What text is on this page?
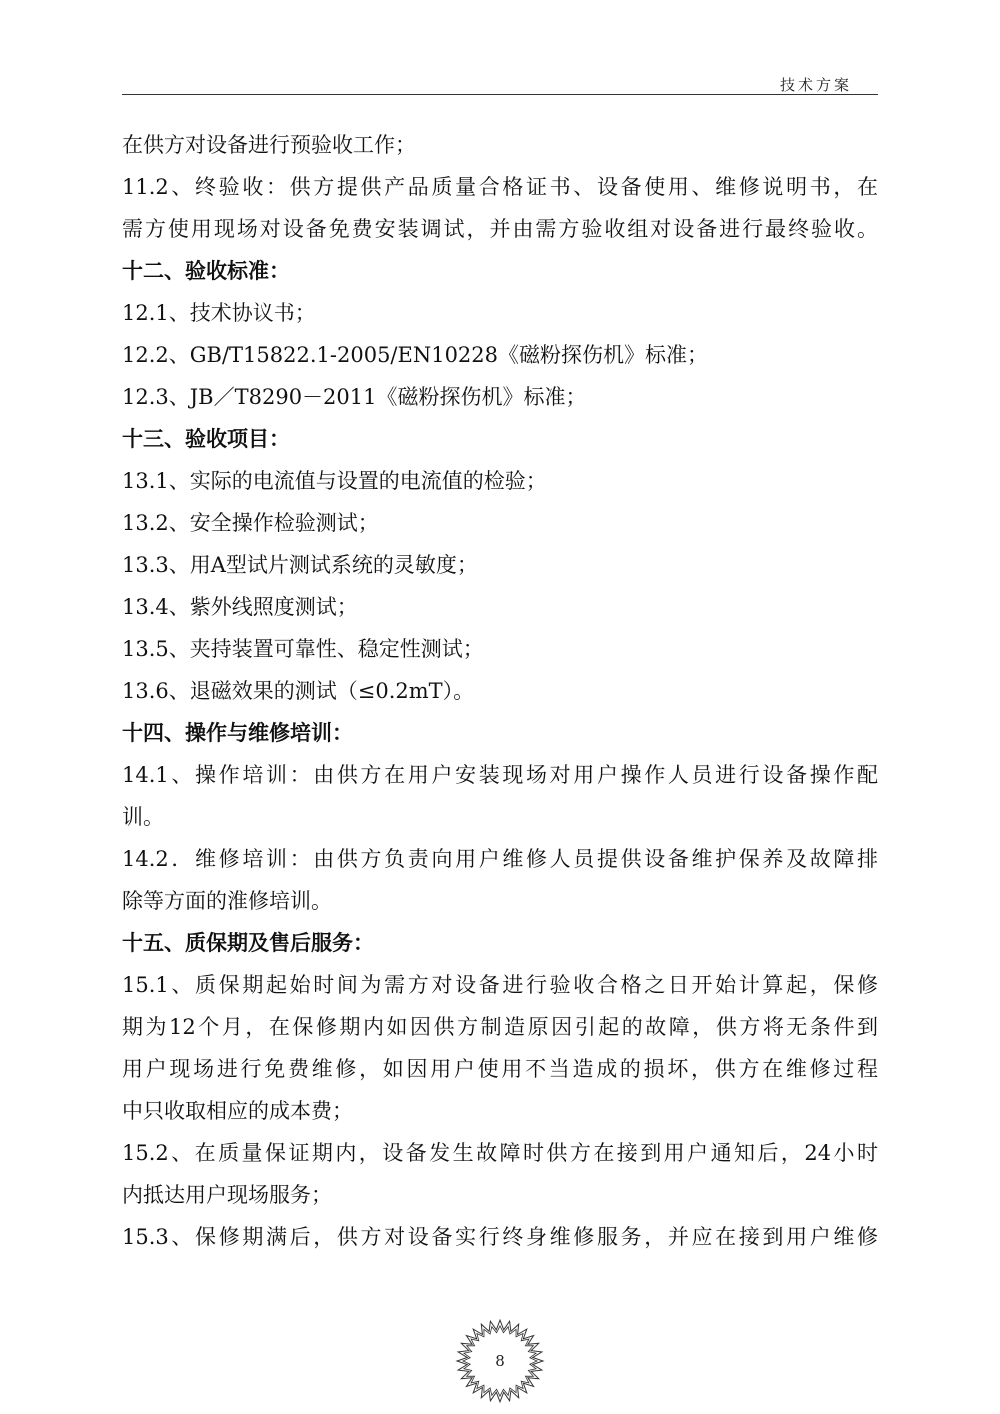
技术方案
在供方对设备进行预验收工作；
11.2、终验收：供方提供产品质量合格证书、设备使用、维修说明书，在
需方使用现场对设备免费安装调试，并由需方验收组对设备进行最终验收。
十二、验收标准：
12.1、技术协议书；
12.2、GB/T15822.1-2005/EN10228《磁粉探伤机》标准；
12.3、JB／T8290－2011《磁粉探伤机》标准；
十三、验收项目：
13.1、实际的电流值与设置的电流值的检验；
13.2、安全操作检验测试；
13.3、用A型试片测试系统的灵敏度；
13.4、紫外线照度测试；
13.5、夹持装置可靠性、稳定性测试；
13.6、退磁效果的测试（≤0.2mT）。
十四、操作与维修培训：
14.1、操作培训：由供方在用户安装现场对用户操作人员进行设备操作配
训。
14.2．维修培训：由供方负责向用户维修人员提供设备维护保养及故障排
除等方面的淮修培训。
十五、质保期及售后服务：
15.1、质保期起始时间为需方对设备进行验收合格之日开始计算起，保修
期为12个月，在保修期内如因供方制造原因引起的故障，供方将无条件到
用户现场进行免费维修，如因用户使用不当造成的损坏，供方在维修过程
中只收取相应的成本费；
15.2、在质量保证期内，设备发生故障时供方在接到用户通知后，24小时
内抵达用户现场服务；
15.3、保修期满后，供方对设备实行终身维修服务，并应在接到用户维修
8
